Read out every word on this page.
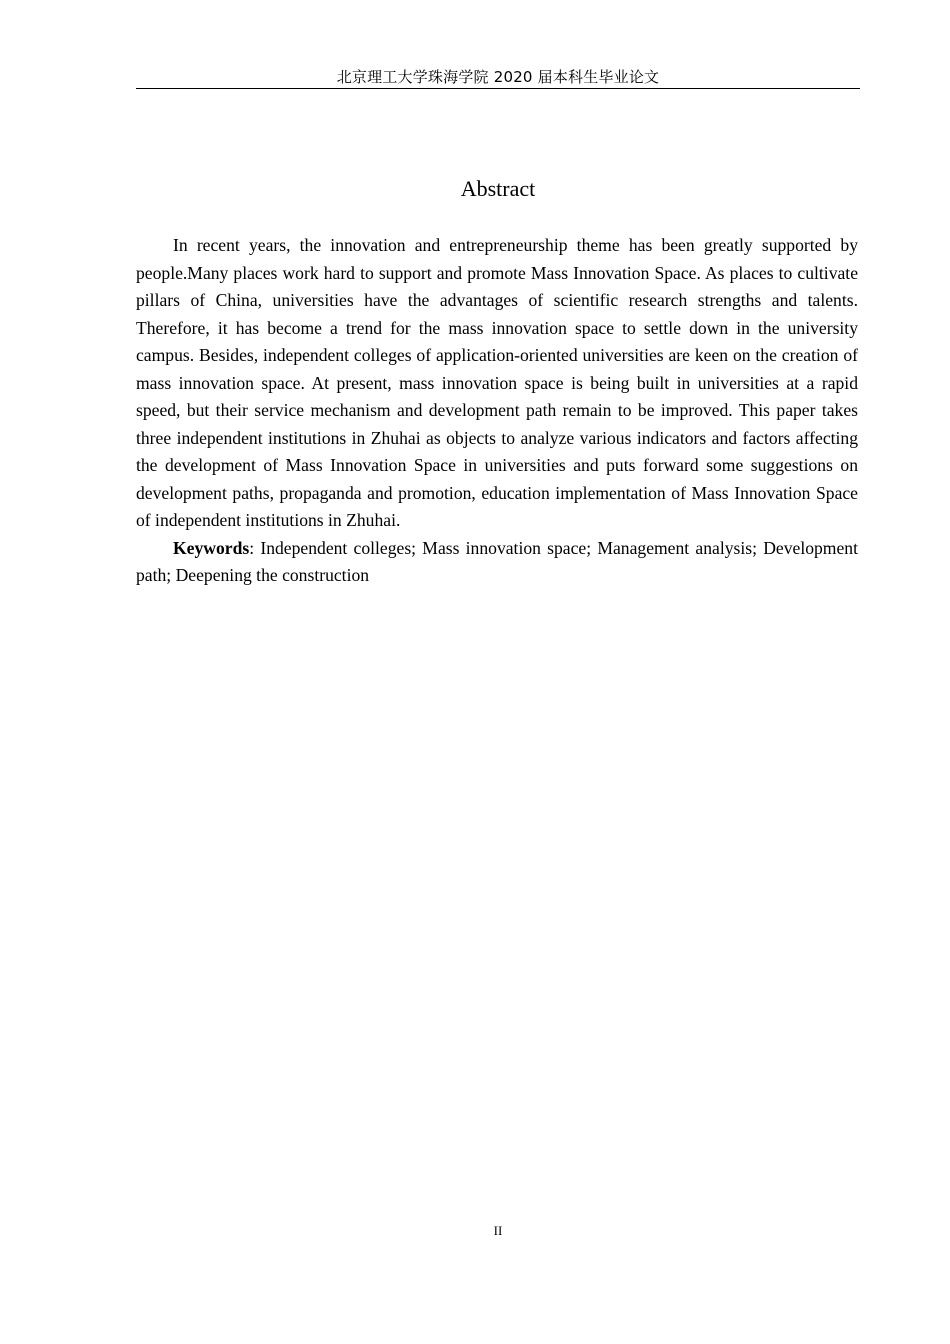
北京理工大学珠海学院 2020 届本科生毕业论文
Abstract

In recent years, the innovation and entrepreneurship theme has been greatly supported by people.Many places work hard to support and promote Mass Innovation Space. As places to cultivate pillars of China, universities have the advantages of scientific research strengths and talents. Therefore, it has become a trend for the mass innovation space to settle down in the university campus. Besides, independent colleges of application-oriented universities are keen on the creation of mass innovation space. At present, mass innovation space is being built in universities at a rapid speed, but their service mechanism and development path remain to be improved. This paper takes three independent institutions in Zhuhai as objects to analyze various indicators and factors affecting the development of Mass Innovation Space in universities and puts forward some suggestions on development paths, propaganda and promotion, education implementation of Mass Innovation Space of independent institutions in Zhuhai.

Keywords: Independent colleges; Mass innovation space; Management analysis; Development path; Deepening the construction

II
